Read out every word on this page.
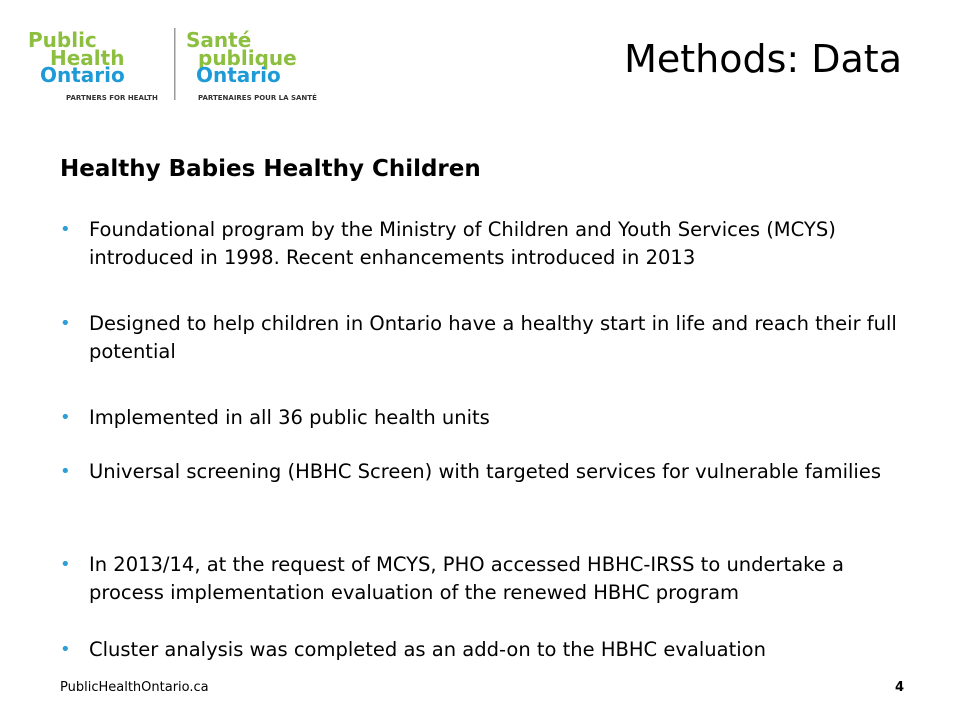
Public
Health
Ontario
PARTNERS FOR HEALTH
Santé
publique
Ontario
PARTENAIRES POUR LA SANTÉ
Methods: Data
Healthy Babies Healthy Children
• Foundational program by the Ministry of Children and Youth Services (MCYS) introduced in 1998. Recent enhancements introduced in 2013
• Designed to help children in Ontario have a healthy start in life and reach their full potential
• Implemented in all 36 public health units
• Universal screening (HBHC Screen) with targeted services for vulnerable families
• In 2013/14, at the request of MCYS, PHO accessed HBHC-IRSS to undertake a process implementation evaluation of the renewed HBHC program
• Cluster analysis was completed as an add-on to the HBHC evaluation
PublicHealthOntario.ca	4
